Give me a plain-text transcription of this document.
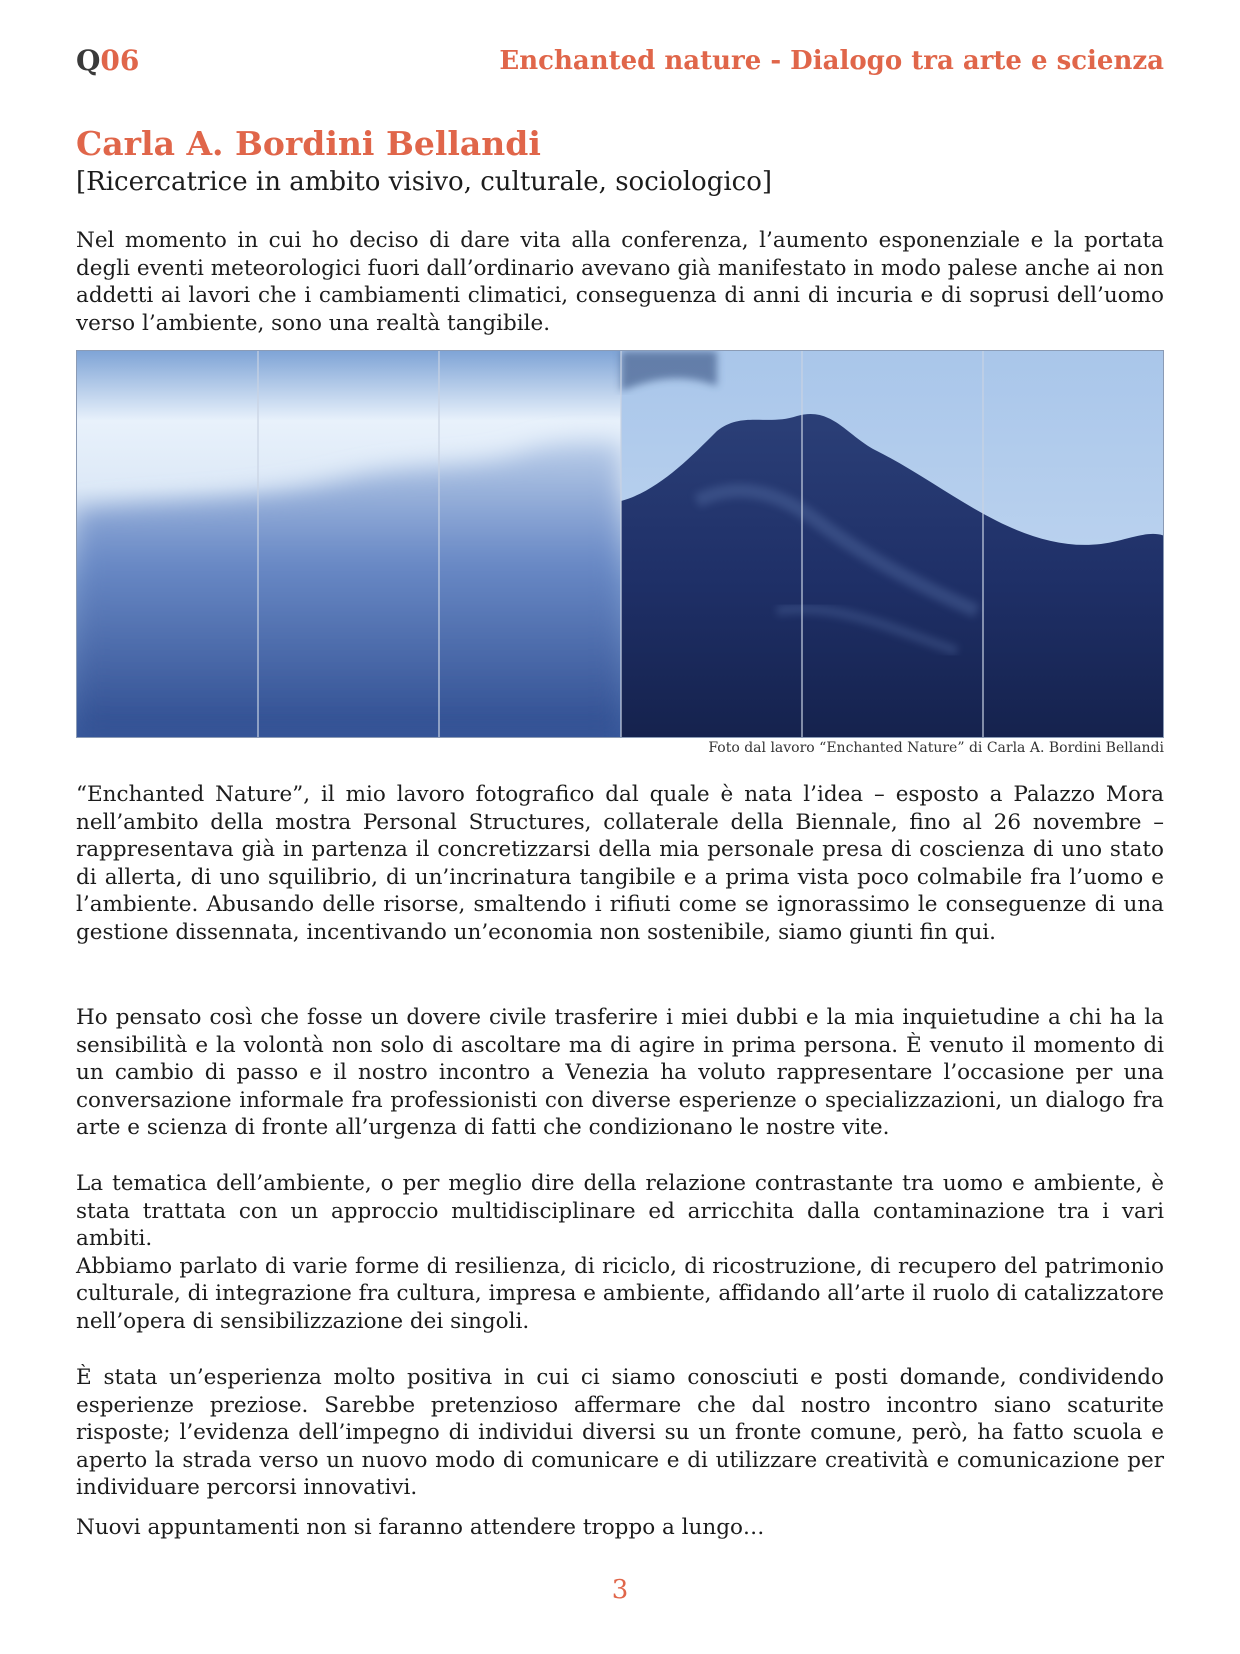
Q06	Enchanted nature - Dialogo tra arte e scienza
Carla A. Bordini Bellandi
[Ricercatrice in ambito visivo, culturale, sociologico]

Nel momento in cui ho deciso di dare vita alla conferenza, l’aumento esponenziale e la portata degli eventi meteorologici fuori dall’ordinario avevano già manifestato in modo palese anche ai non addetti ai lavori che i cambiamenti climatici, conseguenza di anni di incuria e di soprusi dell’uomo verso l’ambiente, sono una realtà tangibile.

Foto dal lavoro “Enchanted Nature” di Carla A. Bordini Bellandi

“Enchanted Nature”, il mio lavoro fotografico dal quale è nata l’idea – esposto a Palazzo Mora nell’ambito della mostra Personal Structures, collaterale della Biennale, fino al 26 novembre – rappresentava già in partenza il concretizzarsi della mia personale presa di coscienza di uno stato di allerta, di uno squilibrio, di un’incrinatura tangibile e a prima vista poco colmabile fra l’uomo e l’ambiente. Abusando delle risorse, smaltendo i rifiuti come se ignorassimo le conseguenze di una gestione dissennata, incentivando un’economia non sostenibile, siamo giunti fin qui.

Ho pensato così che fosse un dovere civile trasferire i miei dubbi e la mia inquietudine a chi ha la sensibilità e la volontà non solo di ascoltare ma di agire in prima persona. È venuto il momento di un cambio di passo e il nostro incontro a Venezia ha voluto rappresentare l’occasione per una conversazione informale fra professionisti con diverse esperienze o specializzazioni, un dialogo fra arte e scienza di fronte all’urgenza di fatti che condizionano le nostre vite.

La tematica dell’ambiente, o per meglio dire della relazione contrastante tra uomo e ambiente, è stata trattata con un approccio multidisciplinare ed arricchita dalla contaminazione tra i vari ambiti.
Abbiamo parlato di varie forme di resilienza, di riciclo, di ricostruzione, di recupero del patrimonio culturale, di integrazione fra cultura, impresa e ambiente, affidando all’arte il ruolo di catalizzatore nell’opera di sensibilizzazione dei singoli.

È stata un’esperienza molto positiva in cui ci siamo conosciuti e posti domande, condividendo esperienze preziose. Sarebbe pretenzioso affermare che dal nostro incontro siano scaturite risposte; l’evidenza dell’impegno di individui diversi su un fronte comune, però, ha fatto scuola e aperto la strada verso un nuovo modo di comunicare e di utilizzare creatività e comunicazione per individuare percorsi innovativi.

Nuovi appuntamenti non si faranno attendere troppo a lungo…

3
